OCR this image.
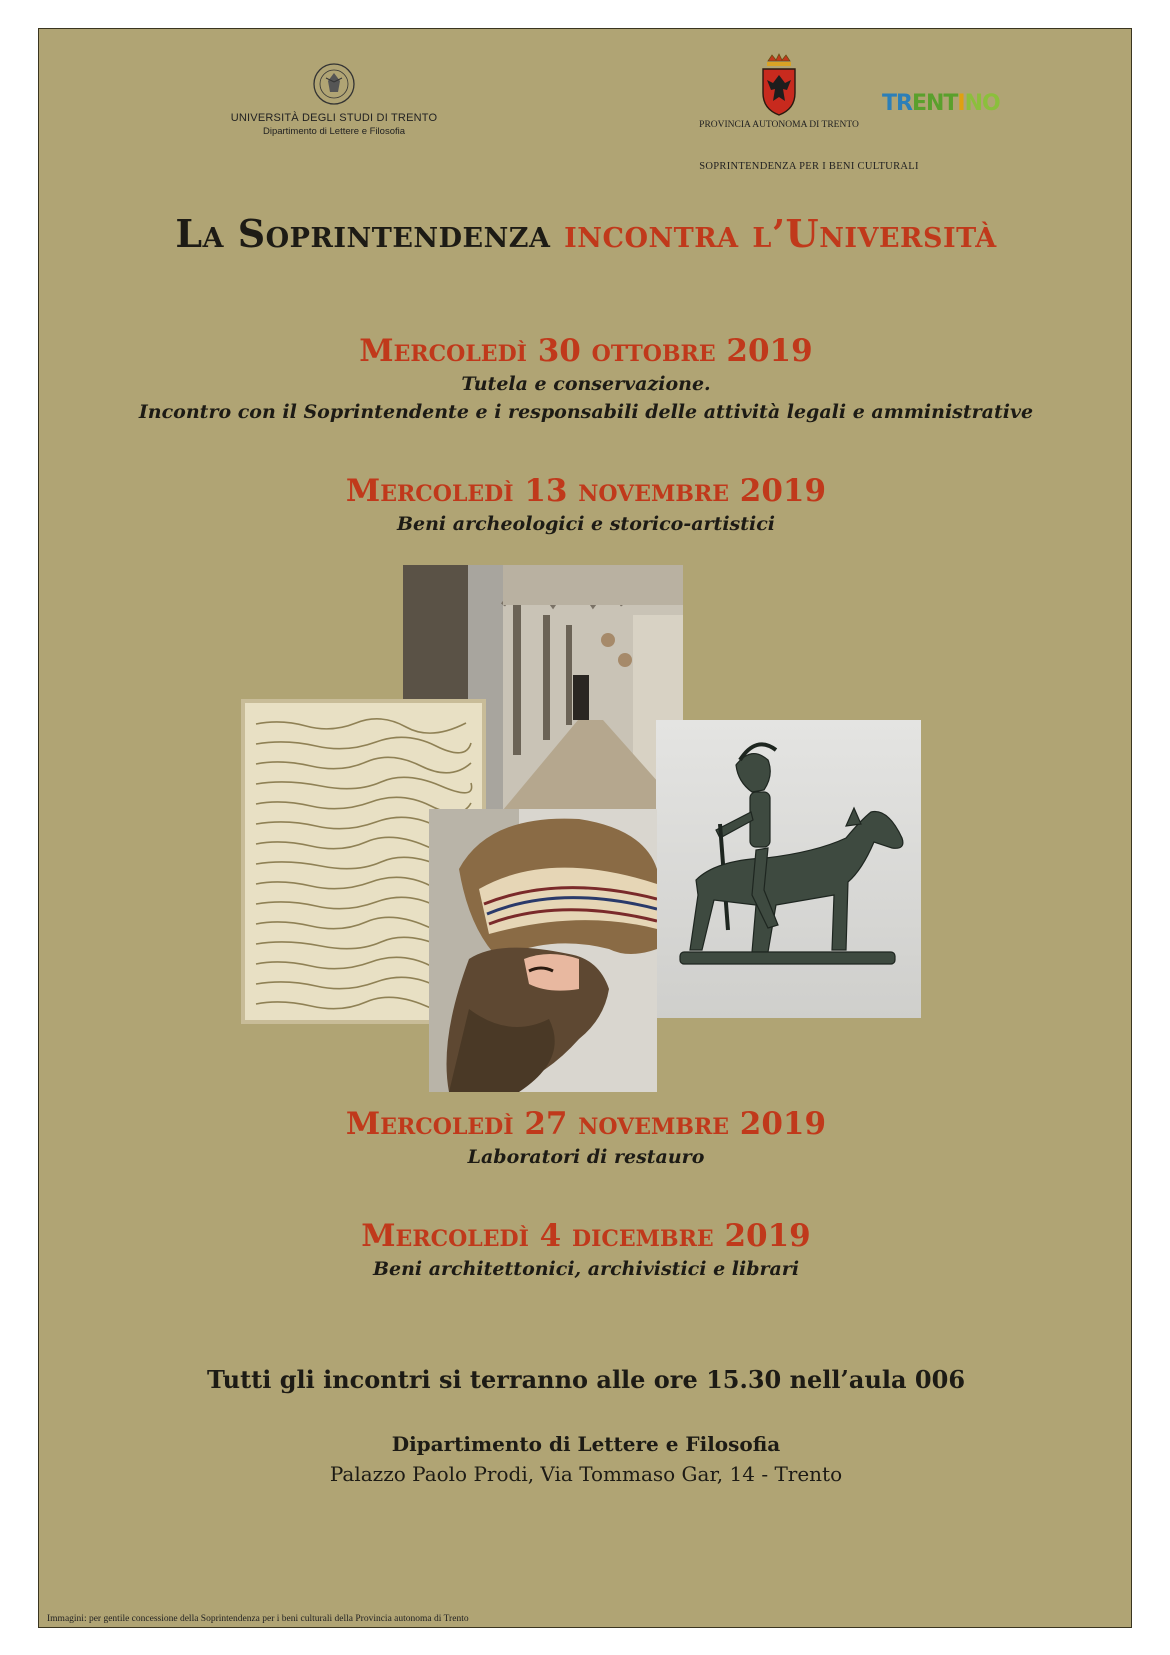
UNIVERSITÀ DEGLI STUDI DI TRENTO
Dipartimento di Lettere e Filosofia
PROVINCIA AUTONOMA DI TRENTO
TRENTINO
SOPRINTENDENZA PER I BENI CULTURALI
La Soprintendenza incontra l’Università
Mercoledì 30 ottobre 2019
Tutela e conservazione.
Incontro con il Soprintendente e i responsabili delle attività legali e amministrative
Mercoledì 13 novembre 2019
Beni archeologici e storico-artistici
Mercoledì 27 novembre 2019
Laboratori di restauro
Mercoledì 4 dicembre 2019
Beni architettonici, archivistici e librari
Tutti gli incontri si terranno alle ore 15.30 nell’aula 006
Dipartimento di Lettere e Filosofia
Palazzo Paolo Prodi, Via Tommaso Gar, 14 - Trento
Immagini: per gentile concessione della Soprintendenza per i beni culturali della Provincia autonoma di Trento
